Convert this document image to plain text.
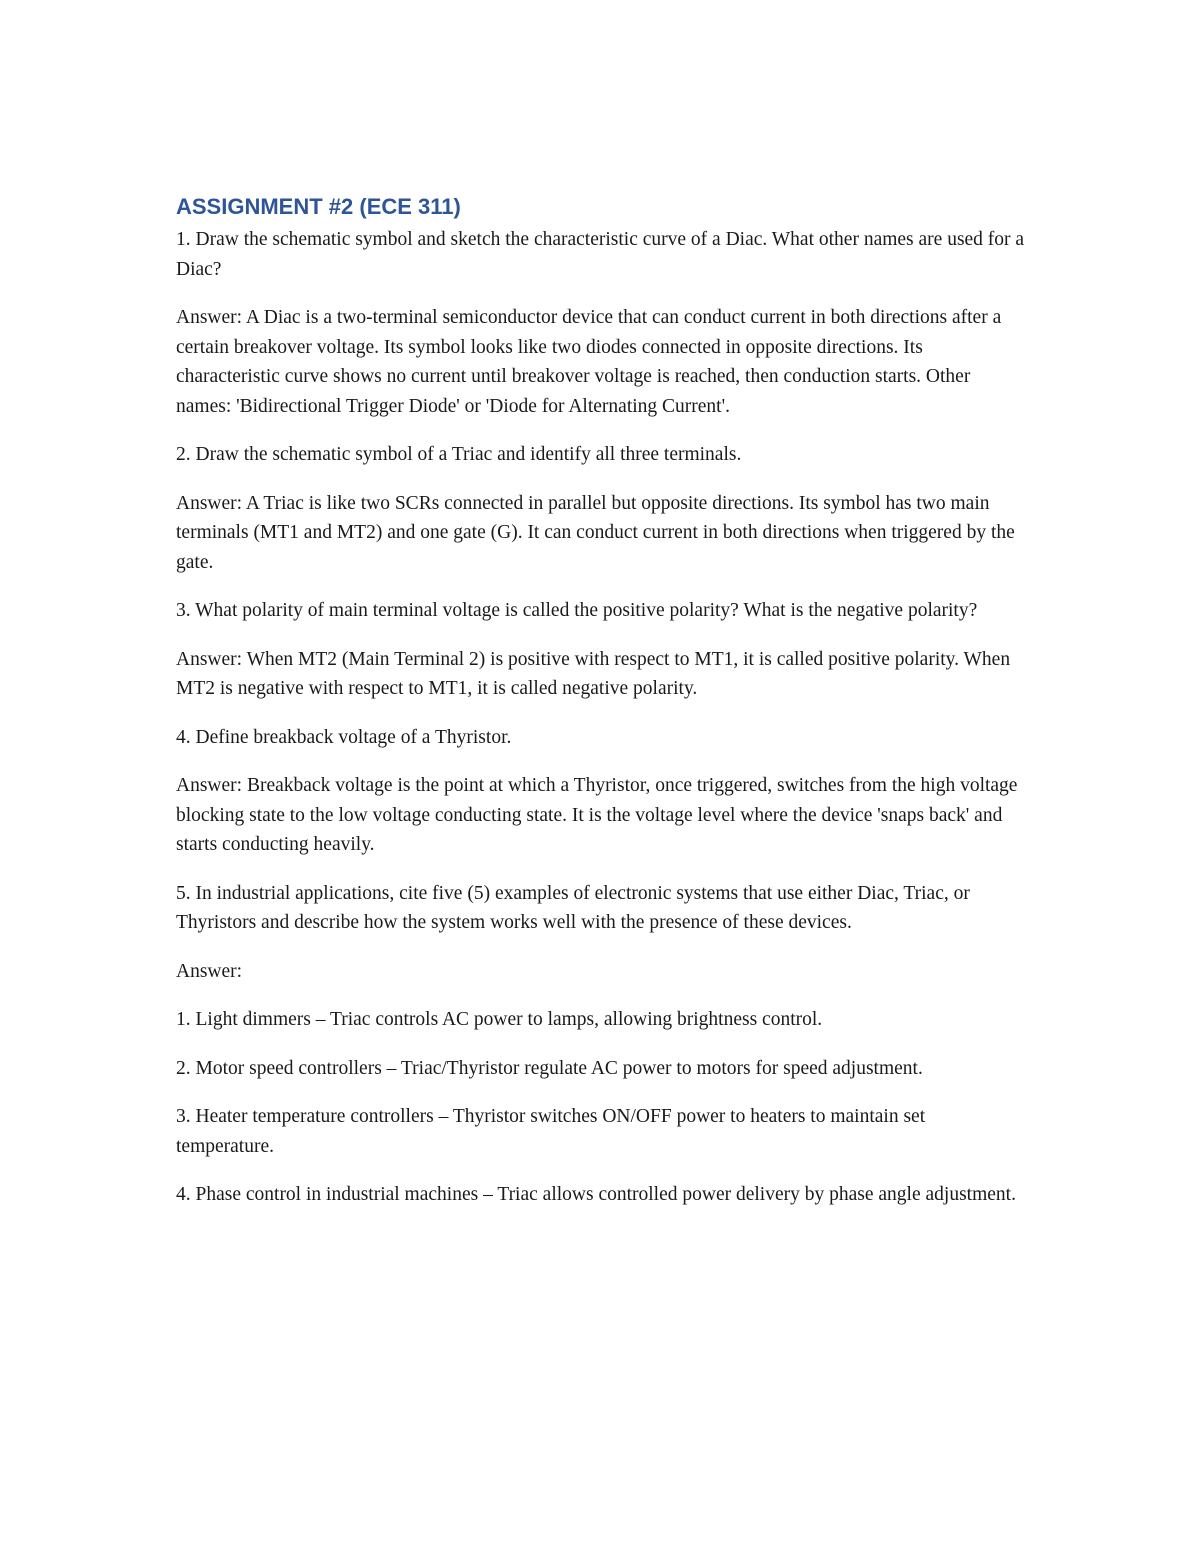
ASSIGNMENT #2 (ECE 311)

1. Draw the schematic symbol and sketch the characteristic curve of a Diac. What other names are used for a Diac?

Answer: A Diac is a two-terminal semiconductor device that can conduct current in both directions after a certain breakover voltage. Its symbol looks like two diodes connected in opposite directions. Its characteristic curve shows no current until breakover voltage is reached, then conduction starts. Other names: 'Bidirectional Trigger Diode' or 'Diode for Alternating Current'.

2. Draw the schematic symbol of a Triac and identify all three terminals.

Answer: A Triac is like two SCRs connected in parallel but opposite directions. Its symbol has two main terminals (MT1 and MT2) and one gate (G). It can conduct current in both directions when triggered by the gate.

3. What polarity of main terminal voltage is called the positive polarity? What is the negative polarity?

Answer: When MT2 (Main Terminal 2) is positive with respect to MT1, it is called positive polarity. When MT2 is negative with respect to MT1, it is called negative polarity.

4. Define breakback voltage of a Thyristor.

Answer: Breakback voltage is the point at which a Thyristor, once triggered, switches from the high voltage blocking state to the low voltage conducting state. It is the voltage level where the device 'snaps back' and starts conducting heavily.

5. In industrial applications, cite five (5) examples of electronic systems that use either Diac, Triac, or Thyristors and describe how the system works well with the presence of these devices.

Answer:

1. Light dimmers – Triac controls AC power to lamps, allowing brightness control.

2. Motor speed controllers – Triac/Thyristor regulate AC power to motors for speed adjustment.

3. Heater temperature controllers – Thyristor switches ON/OFF power to heaters to maintain set temperature.

4. Phase control in industrial machines – Triac allows controlled power delivery by phase angle adjustment.
